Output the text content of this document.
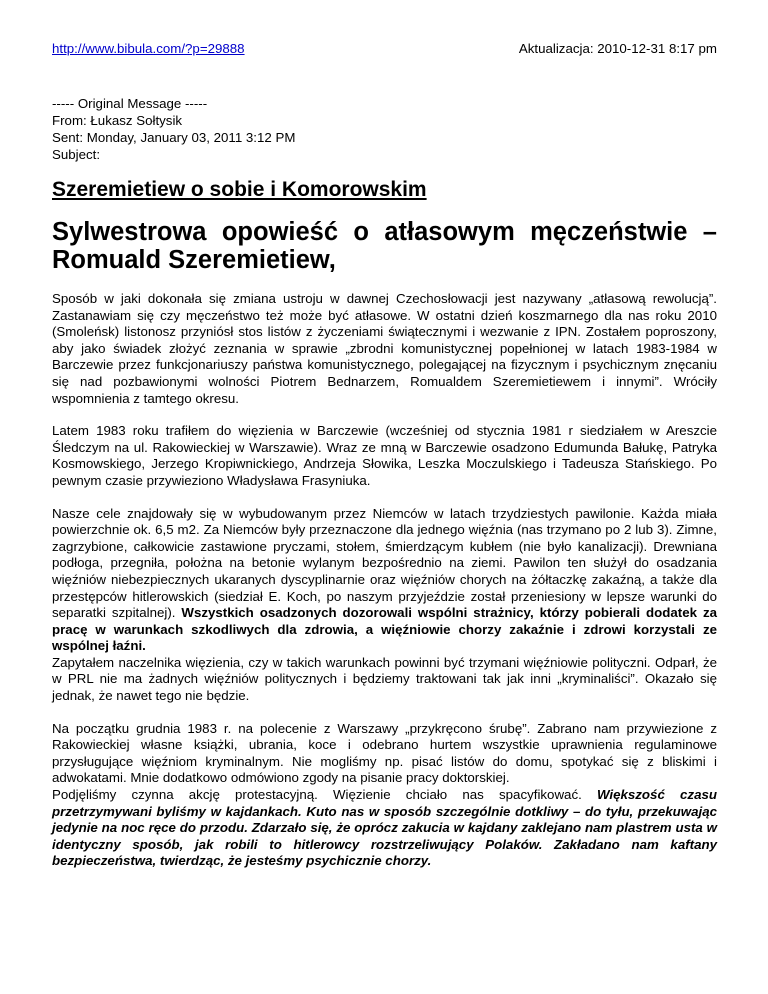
http://www.bibula.com/?p=29888	Aktualizacja: 2010-12-31 8:17 pm
----- Original Message -----
From: Łukasz Sołtysik
Sent: Monday, January 03, 2011 3:12 PM
Subject:
Szeremietiew o sobie i Komorowskim
Sylwestrowa opowieść o atłasowym męczeństwie – Romuald Szeremietiew,

Sposób w jaki dokonała się zmiana ustroju w dawnej Czechosłowacji jest nazywany „atłasową rewolucją”. Zastanawiam się czy męczeństwo też może być atłasowe. W ostatni dzień koszmarnego dla nas roku 2010 (Smoleńsk) listonosz przyniósł stos listów z życzeniami świątecznymi i wezwanie z IPN. Zostałem poproszony, aby jako świadek złożyć zeznania w sprawie „zbrodni komunistycznej popełnionej w latach 1983-1984 w Barczewie przez funkcjonariuszy państwa komunistycznego, polegającej na fizycznym i psychicznym znęcaniu się nad pozbawionymi wolności Piotrem Bednarzem, Romualdem Szeremietiewem i innymi”. Wróciły wspomnienia z tamtego okresu.

Latem 1983 roku trafiłem do więzienia w Barczewie (wcześniej od stycznia 1981 r siedziałem w Areszcie Śledczym na ul. Rakowieckiej w Warszawie). Wraz ze mną w Barczewie osadzono Edumunda Bałukę, Patryka Kosmowskiego, Jerzego Kropiwnickiego, Andrzeja Słowika, Leszka Moczulskiego i Tadeusza Stańskiego. Po pewnym czasie przywieziono Władysława Frasyniuka.

Nasze cele znajdowały się w wybudowanym przez Niemców w latach trzydziestych pawilonie. Każda miała powierzchnie ok. 6,5 m2. Za Niemców były przeznaczone dla jednego więźnia (nas trzymano po 2 lub 3). Zimne, zagrzybione, całkowicie zastawione pryczami, stołem, śmierdzącym kubłem (nie było kanalizacji). Drewniana podłoga, przegniła, położna na betonie wylanym bezpośrednio na ziemi. Pawilon ten służył do osadzania więźniów niebezpiecznych ukaranych dyscyplinarnie oraz więźniów chorych na żółtaczkę zakaźną, a także dla przestępców hitlerowskich (siedział E. Koch, po naszym przyjeździe został przeniesiony w lepsze warunki do separatki szpitalnej). Wszystkich osadzonych dozorowali wspólni strażnicy, którzy pobierali dodatek za pracę w warunkach szkodliwych dla zdrowia, a więźniowie chorzy zakaźnie i zdrowi korzystali ze wspólnej łaźni.

Zapytałem naczelnika więzienia, czy w takich warunkach powinni być trzymani więźniowie polityczni. Odparł, że w PRL nie ma żadnych więźniów politycznych i będziemy traktowani tak jak inni „kryminaliści”. Okazało się jednak, że nawet tego nie będzie.

Na początku grudnia 1983 r. na polecenie z Warszawy „przykręcono śrubę”. Zabrano nam przywiezione z Rakowieckiej własne książki, ubrania, koce i odebrano hurtem wszystkie uprawnienia regulaminowe przysługujące więźniom kryminalnym. Nie mogliśmy np. pisać listów do domu, spotykać się z bliskimi i adwokatami. Mnie dodatkowo odmówiono zgody na pisanie pracy doktorskiej.

Podjęliśmy czynna akcję protestacyjną. Więzienie chciało nas spacyfikować. Większość czasu przetrzymywani byliśmy w kajdankach. Kuto nas w sposób szczególnie dotkliwy – do tyłu, przekuwając jedynie na noc ręce do przodu. Zdarzało się, że oprócz zakucia w kajdany zaklejano nam plastrem usta w identyczny sposób, jak robili to hitlerowcy rozstrzeliwujący Polaków. Zakładano nam kaftany bezpieczeństwa, twierdząc, że jesteśmy psychicznie chorzy.
